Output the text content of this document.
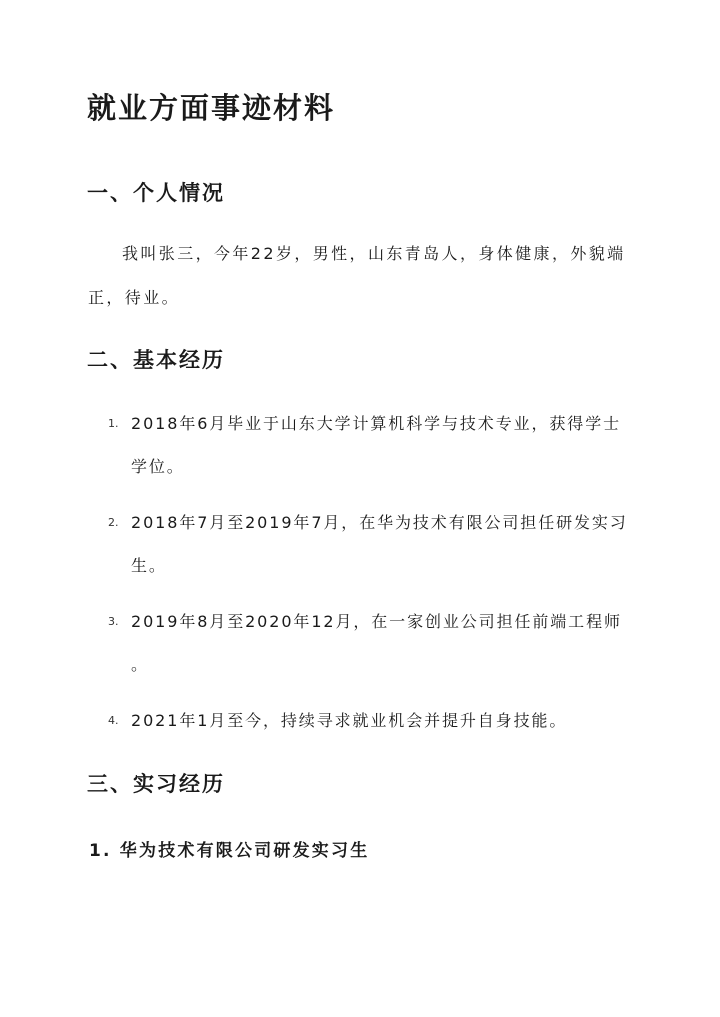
就业方面事迹材料
一、个人情况

我叫张三，今年22岁，男性，山东青岛人，身体健康，外貌端

正，待业。

二、基本经历
1. 2018年6月毕业于山东大学计算机科学与技术专业，获得学士
学位。
2. 2018年7月至2019年7月，在华为技术有限公司担任研发实习
生。
3. 2019年8月至2020年12月，在一家创业公司担任前端工程师
。
4. 2021年1月至今，持续寻求就业机会并提升自身技能。
三、实习经历
1. 华为技术有限公司研发实习生
